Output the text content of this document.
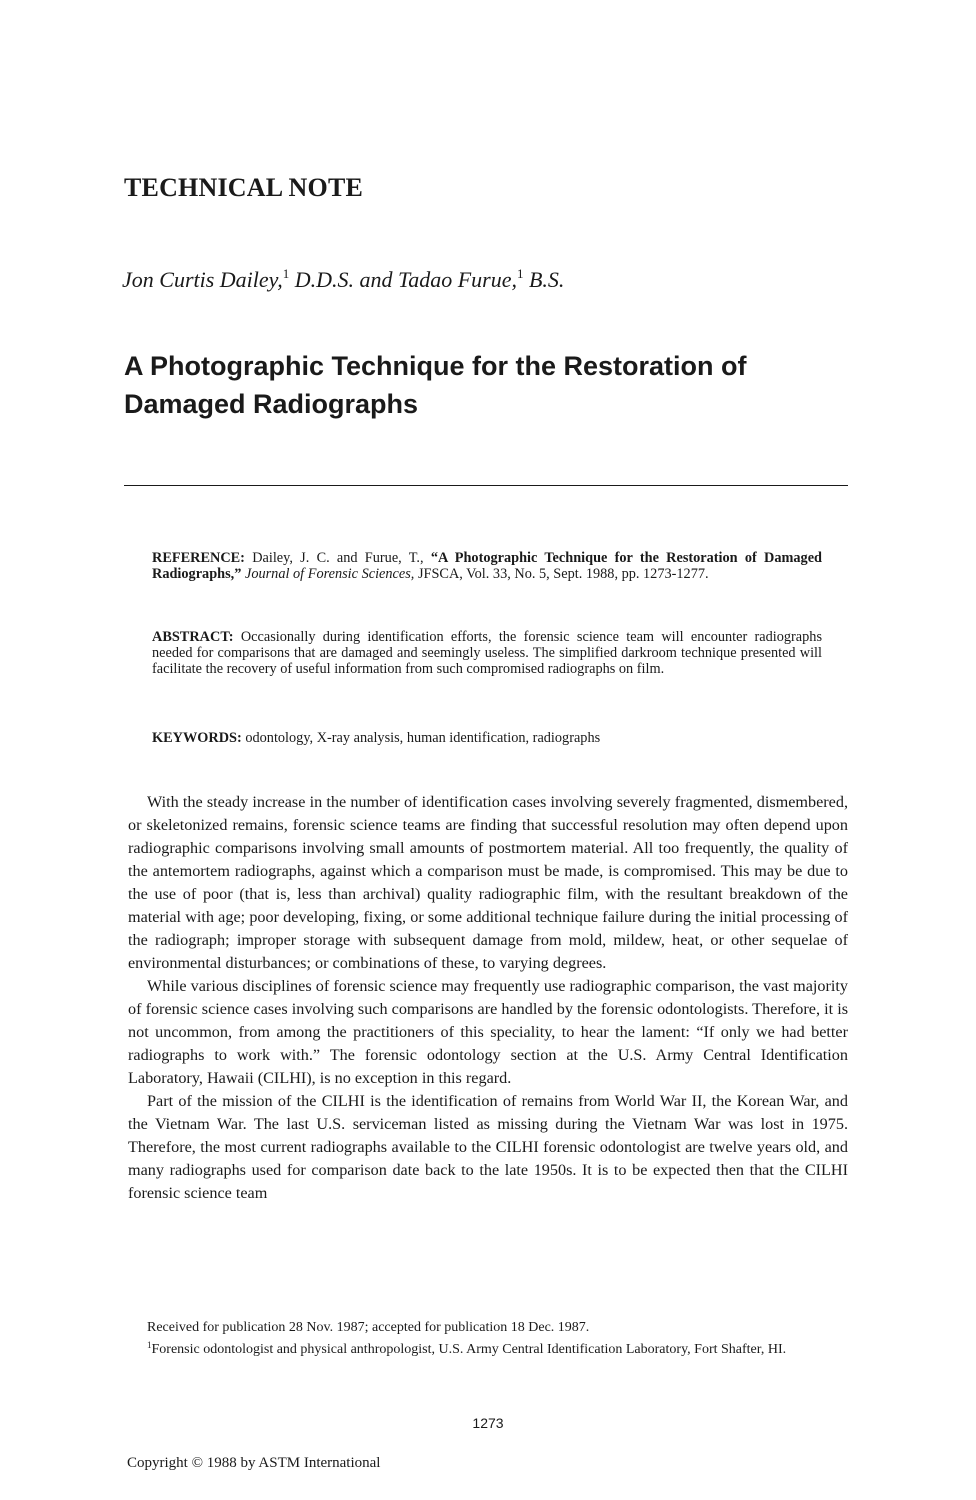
TECHNICAL NOTE

Jon Curtis Dailey,$^1$ D.D.S. and Tadao Furue,$^1$ B.S.

A Photographic Technique for the Restoration of
Damaged Radiographs

REFERENCE: Dailey, J. C. and Furue, T., “A Photographic Technique for the Restoration of Damaged Radiographs,” Journal of Forensic Sciences, JFSCA, Vol. 33, No. 5, Sept. 1988, pp. 1273-1277.

ABSTRACT: Occasionally during identification efforts, the forensic science team will encounter radiographs needed for comparisons that are damaged and seemingly useless. The simplified darkroom technique presented will facilitate the recovery of useful information from such compromised radiographs on film.

KEYWORDS: odontology, X-ray analysis, human identification, radiographs

With the steady increase in the number of identification cases involving severely fragmented, dismembered, or skeletonized remains, forensic science teams are finding that successful resolution may often depend upon radiographic comparisons involving small amounts of postmortem material. All too frequently, the quality of the antemortem radiographs, against which a comparison must be made, is compromised. This may be due to the use of poor (that is, less than archival) quality radiographic film, with the resultant breakdown of the material with age; poor developing, fixing, or some additional technique failure during the initial processing of the radiograph; improper storage with subsequent damage from mold, mildew, heat, or other sequelae of environmental disturbances; or combinations of these, to varying degrees.

While various disciplines of forensic science may frequently use radiographic comparison, the vast majority of forensic science cases involving such comparisons are handled by the forensic odontologists. Therefore, it is not uncommon, from among the practitioners of this speciality, to hear the lament: “If only we had better radiographs to work with.” The forensic odontology section at the U.S. Army Central Identification Laboratory, Hawaii (CILHI), is no exception in this regard.

Part of the mission of the CILHI is the identification of remains from World War II, the Korean War, and the Vietnam War. The last U.S. serviceman listed as missing during the Vietnam War was lost in 1975. Therefore, the most current radiographs available to the CILHI forensic odontologist are twelve years old, and many radiographs used for comparison date back to the late 1950s. It is to be expected then that the CILHI forensic science team

Received for publication 28 Nov. 1987; accepted for publication 18 Dec. 1987.

$^1$Forensic odontologist and physical anthropologist, U.S. Army Central Identification Laboratory, Fort Shafter, HI.

1273

Copyright © 1988 by ASTM International
